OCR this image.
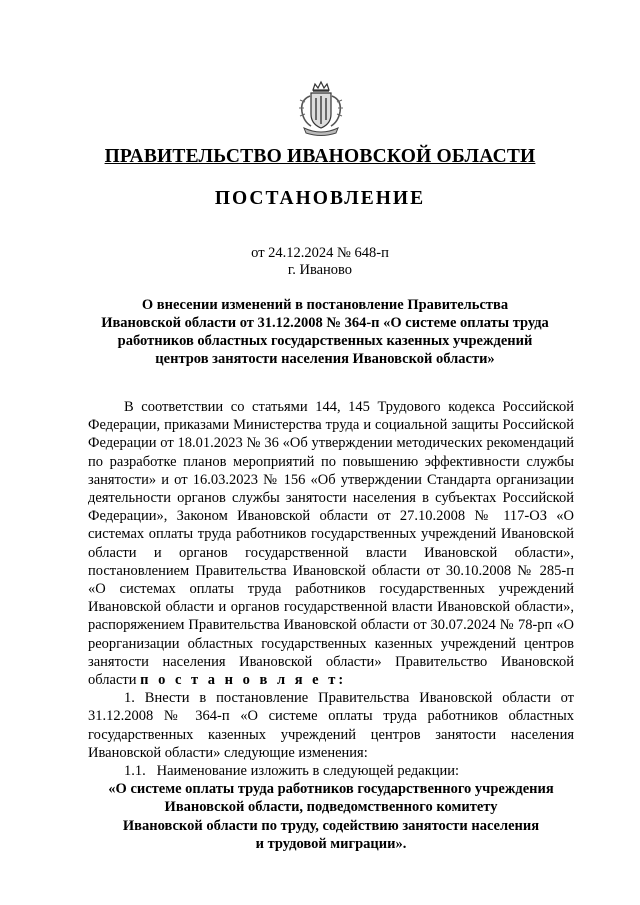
ПРАВИТЕЛЬСТВО ИВАНОВСКОЙ ОБЛАСТИ
ПОСТАНОВЛЕНИЕ
от 24.12.2024 № 648-п
г. Иваново
О внесении изменений в постановление Правительства
Ивановской области от 31.12.2008 № 364-п «О системе оплаты труда
работников областных государственных казенных учреждений
центров занятости населения Ивановской области»

В соответствии со статьями 144, 145 Трудового кодекса Российской Федерации, приказами Министерства труда и социальной защиты Российской Федерации от 18.01.2023 № 36 «Об утверждении методических рекомендаций по разработке планов мероприятий по повышению эффективности службы занятости» и от 16.03.2023 № 156 «Об утверждении Стандарта организации деятельности органов службы занятости населения в субъектах Российской Федерации», Законом Ивановской области от 27.10.2008 № 117-ОЗ «О системах оплаты труда работников государственных учреждений Ивановской области и органов государственной власти Ивановской области», постановлением Правительства Ивановской области от 30.10.2008 № 285-п «О системах оплаты труда работников государственных учреждений Ивановской области и органов государственной власти Ивановской области», распоряжением Правительства Ивановской области от 30.07.2024 № 78-рп «О реорганизации областных государственных казенных учреждений центров занятости населения Ивановской области» Правительство Ивановской области п о с т а н о в л я е т:

1. Внести в постановление Правительства Ивановской области от 31.12.2008 № 364-п «О системе оплаты труда работников областных государственных казенных учреждений центров занятости населения Ивановской области» следующие изменения:

1.1.   Наименование изложить в следующей редакции:

«О системе оплаты труда работников государственного учреждения
Ивановской области, подведомственного комитету
Ивановской области по труду, содействию занятости населения
и трудовой миграции».
